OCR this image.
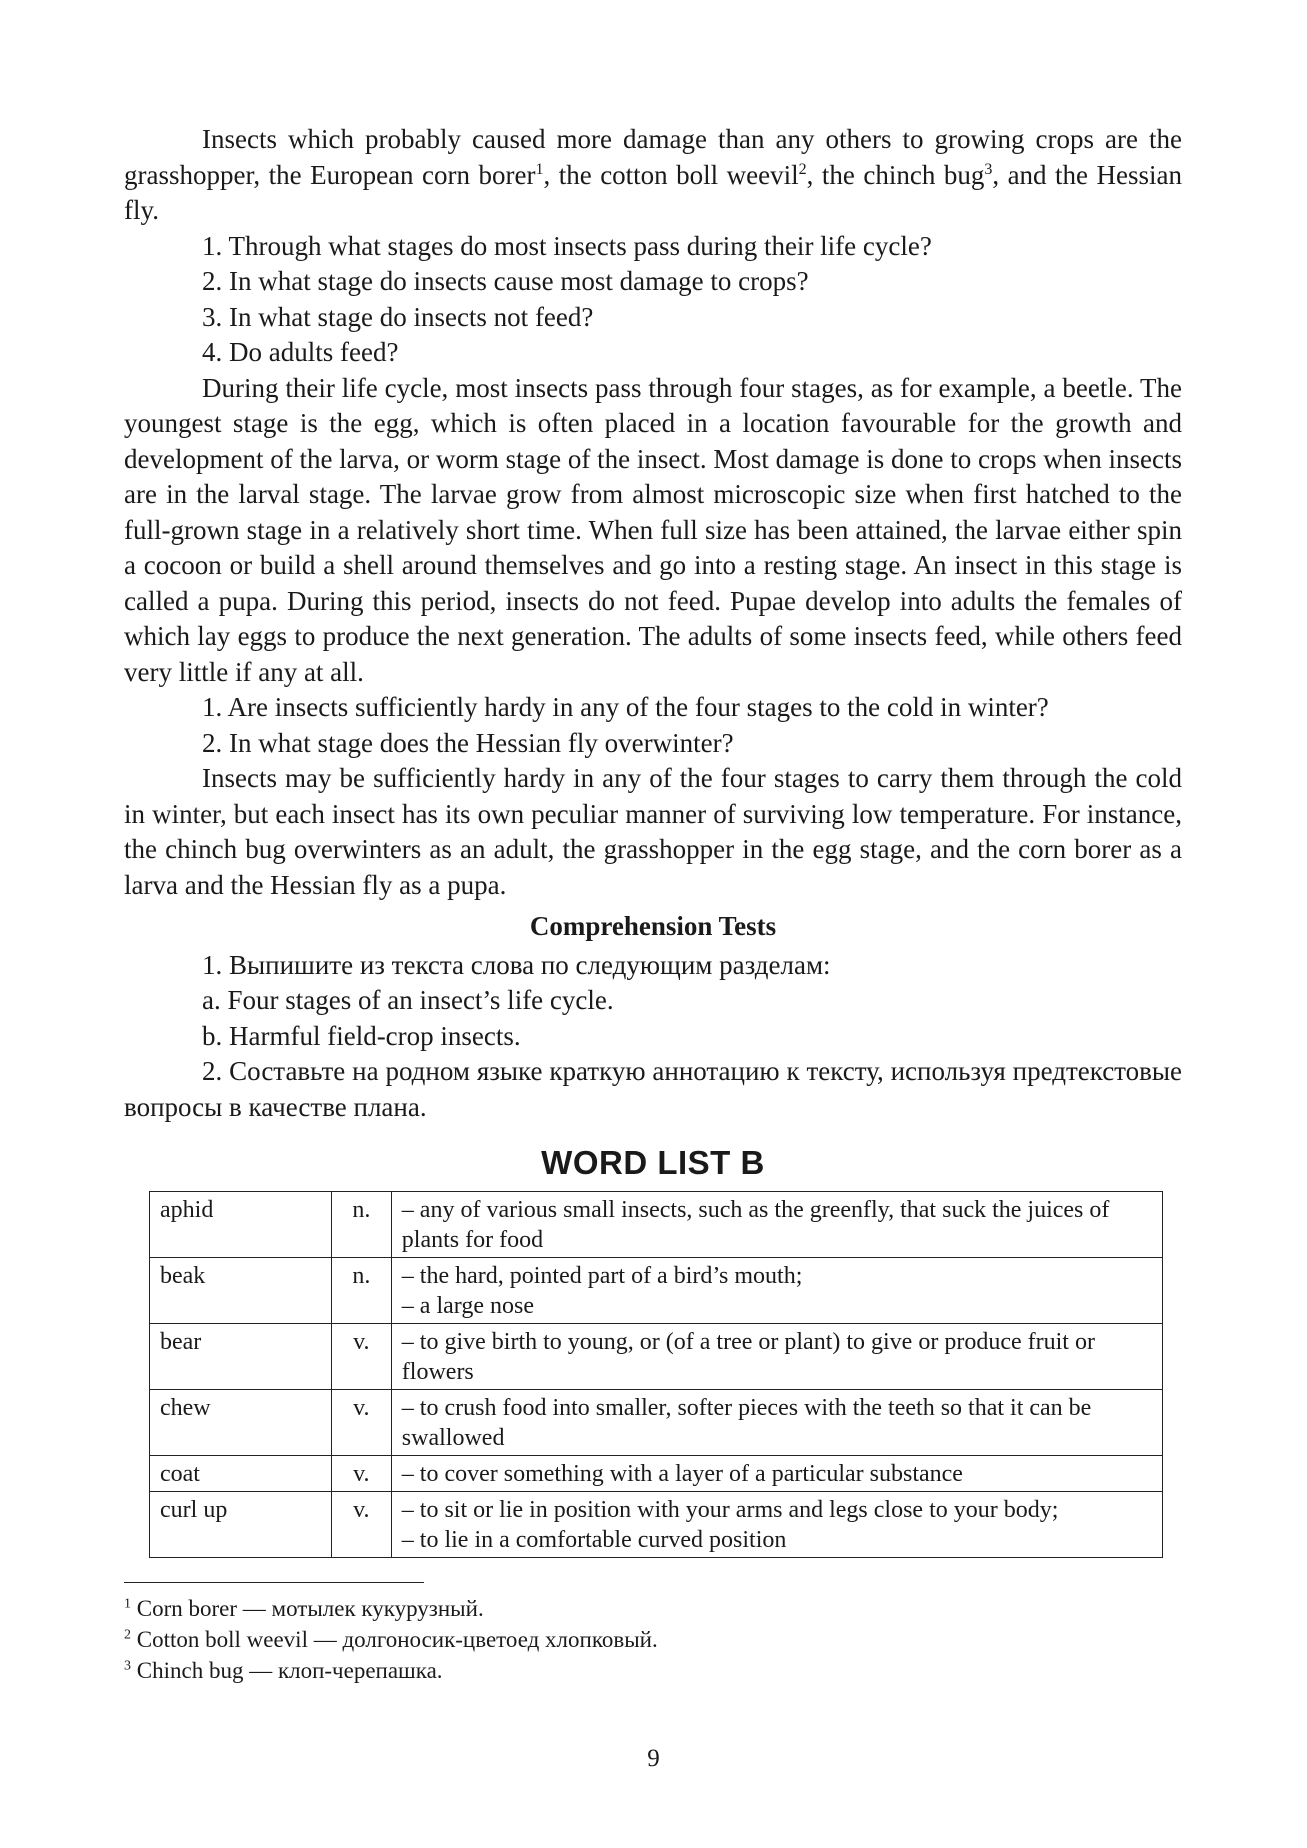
Insects which probably caused more damage than any others to growing crops are the grasshopper, the European corn borer$^1$, the cotton boll weevil$^2$, the chinch bug$^3$, and the Hessian fly.

1. Through what stages do most insects pass during their life cycle?

2. In what stage do insects cause most damage to crops?

3. In what stage do insects not feed?

4. Do adults feed?

During their life cycle, most insects pass through four stages, as for example, a beetle. The youngest stage is the egg, which is often placed in a location favourable for the growth and development of the larva, or worm stage of the insect. Most damage is done to crops when insects are in the larval stage. The larvae grow from almost microscopic size when first hatched to the full-grown stage in a relatively short time. When full size has been attained, the larvae either spin a cocoon or build a shell around themselves and go into a resting stage. An insect in this stage is called a pupa. During this period, insects do not feed. Pupae develop into adults the females of which lay eggs to produce the next generation. The adults of some insects feed, while others feed very little if any at all.

1. Are insects sufficiently hardy in any of the four stages to the cold in winter?

2. In what stage does the Hessian fly overwinter?

Insects may be sufficiently hardy in any of the four stages to carry them through the cold in winter, but each insect has its own peculiar manner of surviving low temperature. For instance, the chinch bug overwinters as an adult, the grasshopper in the egg stage, and the corn borer as a larva and the Hessian fly as a pupa.

Comprehension Tests

1. Выпишите из текста слова по следующим разделам:

a. Four stages of an insect’s life cycle.

b. Harmful field-crop insects.

2. Составьте на родном языке краткую аннотацию к тексту, используя предтекстовые вопросы в качестве плана.

WORD LIST B
aphid	n.	– any of various small insects, such as the greenfly, that suck the juices of plants for food

beak	n.	– the hard, pointed part of a bird’s mouth;
– a large nose

bear	v.	– to give birth to young, or (of a tree or plant) to give or produce fruit or flowers

chew	v.	– to crush food into smaller, softer pieces with the teeth so that it can be swallowed

coat	v.	– to cover something with a layer of a particular substance

curl up	v.	– to sit or lie in position with your arms and legs close to your body;
– to lie in a comfortable curved position
$^1$ Corn borer — мотылек кукурузный.
$^2$ Cotton boll weevil — долгоносик-цветоед хлопковый.
$^3$ Chinch bug — клоп-черепашка.
9
